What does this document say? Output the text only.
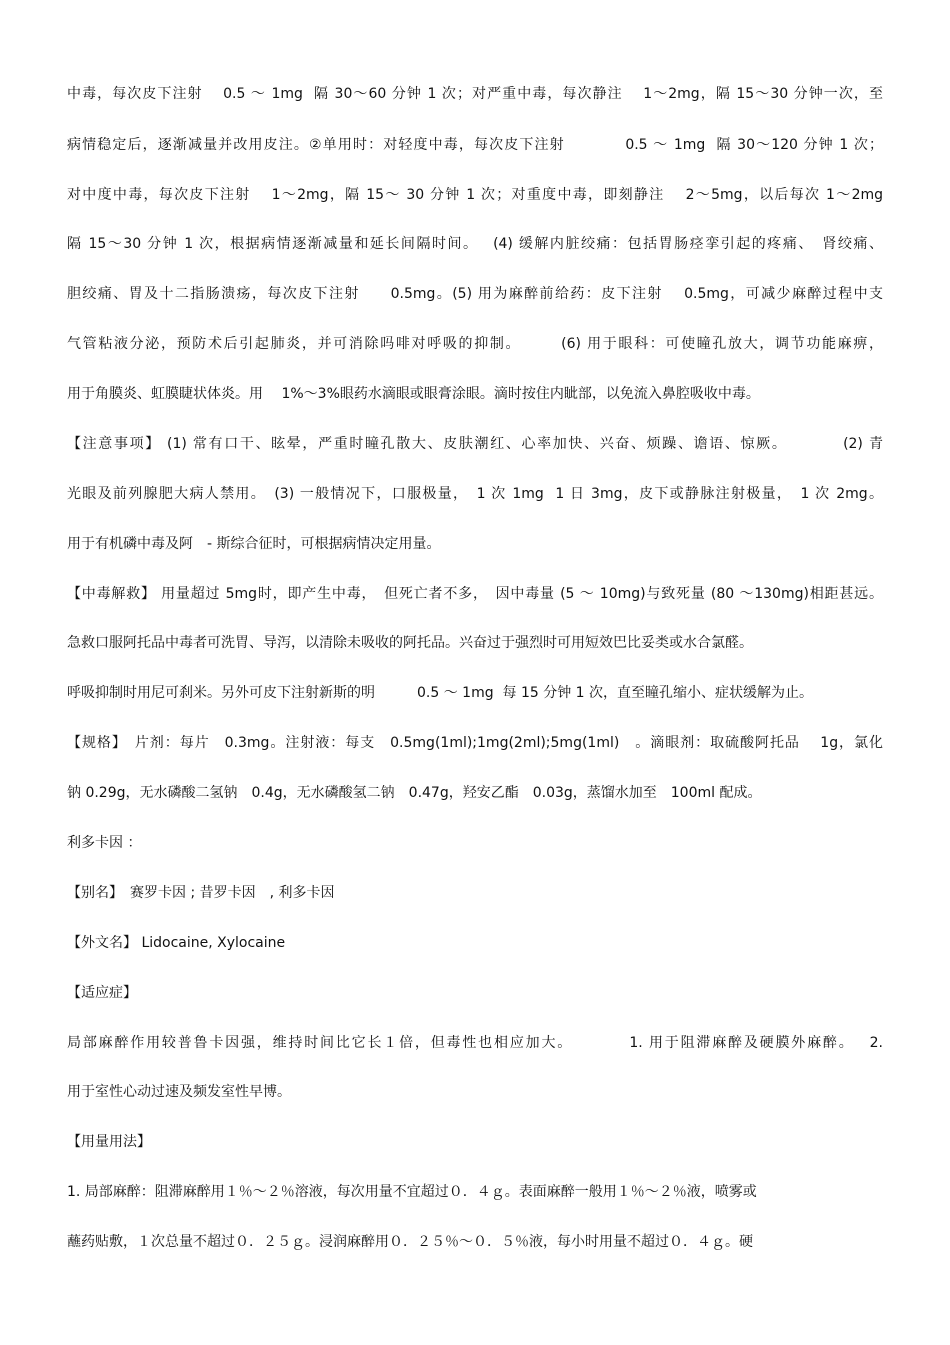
中毒，每次皮下注射　 0.5 ～ 1mg  隔 30～60 分钟 1 次；对严重中毒，每次静注　 1～2mg，隔 15～30 分钟一次，至
病情稳定后，逐渐减量并改用皮注。②单用时：对轻度中毒，每次皮下注射　　　　0.5 ～ 1mg  隔 30～120 分钟 1 次；
对中度中毒，每次皮下注射　 1～2mg，隔 15～ 30 分钟 1 次；对重度中毒，即刻静注　 2～5mg，以后每次 1～2mg
隔 15～30 分钟 1 次，根据病情逐渐减量和延长间隔时间。　 (4) 缓解内脏绞痛：包括胃肠痉挛引起的疼痛、　肾绞痛、
胆绞痛、胃及十二指肠溃疡，每次皮下注射　　0.5mg。(5) 用为麻醉前给药：皮下注射　 0.5mg，可减少麻醉过程中支
气管粘液分泌，预防术后引起肺炎，并可消除吗啡对呼吸的抑制。　　　(6) 用于眼科：可使瞳孔放大，调节功能麻痹，
用于角膜炎、虹膜睫状体炎。用　 1%～3%眼药水滴眼或眼膏涂眼。滴时按住内眦部，以免流入鼻腔吸收中毒。
【注意事项】 (1) 常有口干、眩晕，严重时瞳孔散大、皮肤潮红、心率加快、兴奋、烦躁、谵语、惊厥。　　　　(2) 青
光眼及前列腺肥大病人禁用。　(3) 一般情况下，口服极量，　1 次 1mg  1 日 3mg，皮下或静脉注射极量，　1 次 2mg。
用于有机磷中毒及阿　- 斯综合征时，可根据病情决定用量。
【中毒解救】 用量超过 5mg时，即产生中毒，　但死亡者不多，　因中毒量 (5 ～ 10mg)与致死量 (80 ～130mg)相距甚远。
急救口服阿托品中毒者可洗胃、导泻，以清除未吸收的阿托品。兴奋过于强烈时可用短效巴比妥类或水合氯醛。
呼吸抑制时用尼可刹米。另外可皮下注射新斯的明　　　0.5 ～ 1mg  每 15 分钟 1 次，直至瞳孔缩小、症状缓解为止。
【规格】　片剂：每片　0.3mg。注射液：每支　0.5mg(1ml);1mg(2ml);5mg(1ml)　。滴眼剂：取硫酸阿托品　 1g，氯化
钠 0.29g，无水磷酸二氢钠　0.4g，无水磷酸氢二钠　0.47g，羟安乙酯　0.03g，蒸馏水加至　100ml 配成。
利多卡因 ：
【别名】　赛罗卡因 ; 昔罗卡因　, 利多卡因
【外文名】 Lidocaine, Xylocaine
【适应症】
局部麻醉作用较普鲁卡因强，维持时间比它长１倍，但毒性也相应加大。　　　　1. 用于阻滞麻醉及硬膜外麻醉。　 2.
用于室性心动过速及频发室性早博。
【用量用法】
1. 局部麻醉：阻滞麻醉用１％～２％溶液，每次用量不宜超过０．４ｇ。表面麻醉一般用１％～２％液，喷雾或
蘸药贴敷，１次总量不超过０．２５ｇ。浸润麻醉用０．２５％～０．５％液，每小时用量不超过０．４ｇ。硬
